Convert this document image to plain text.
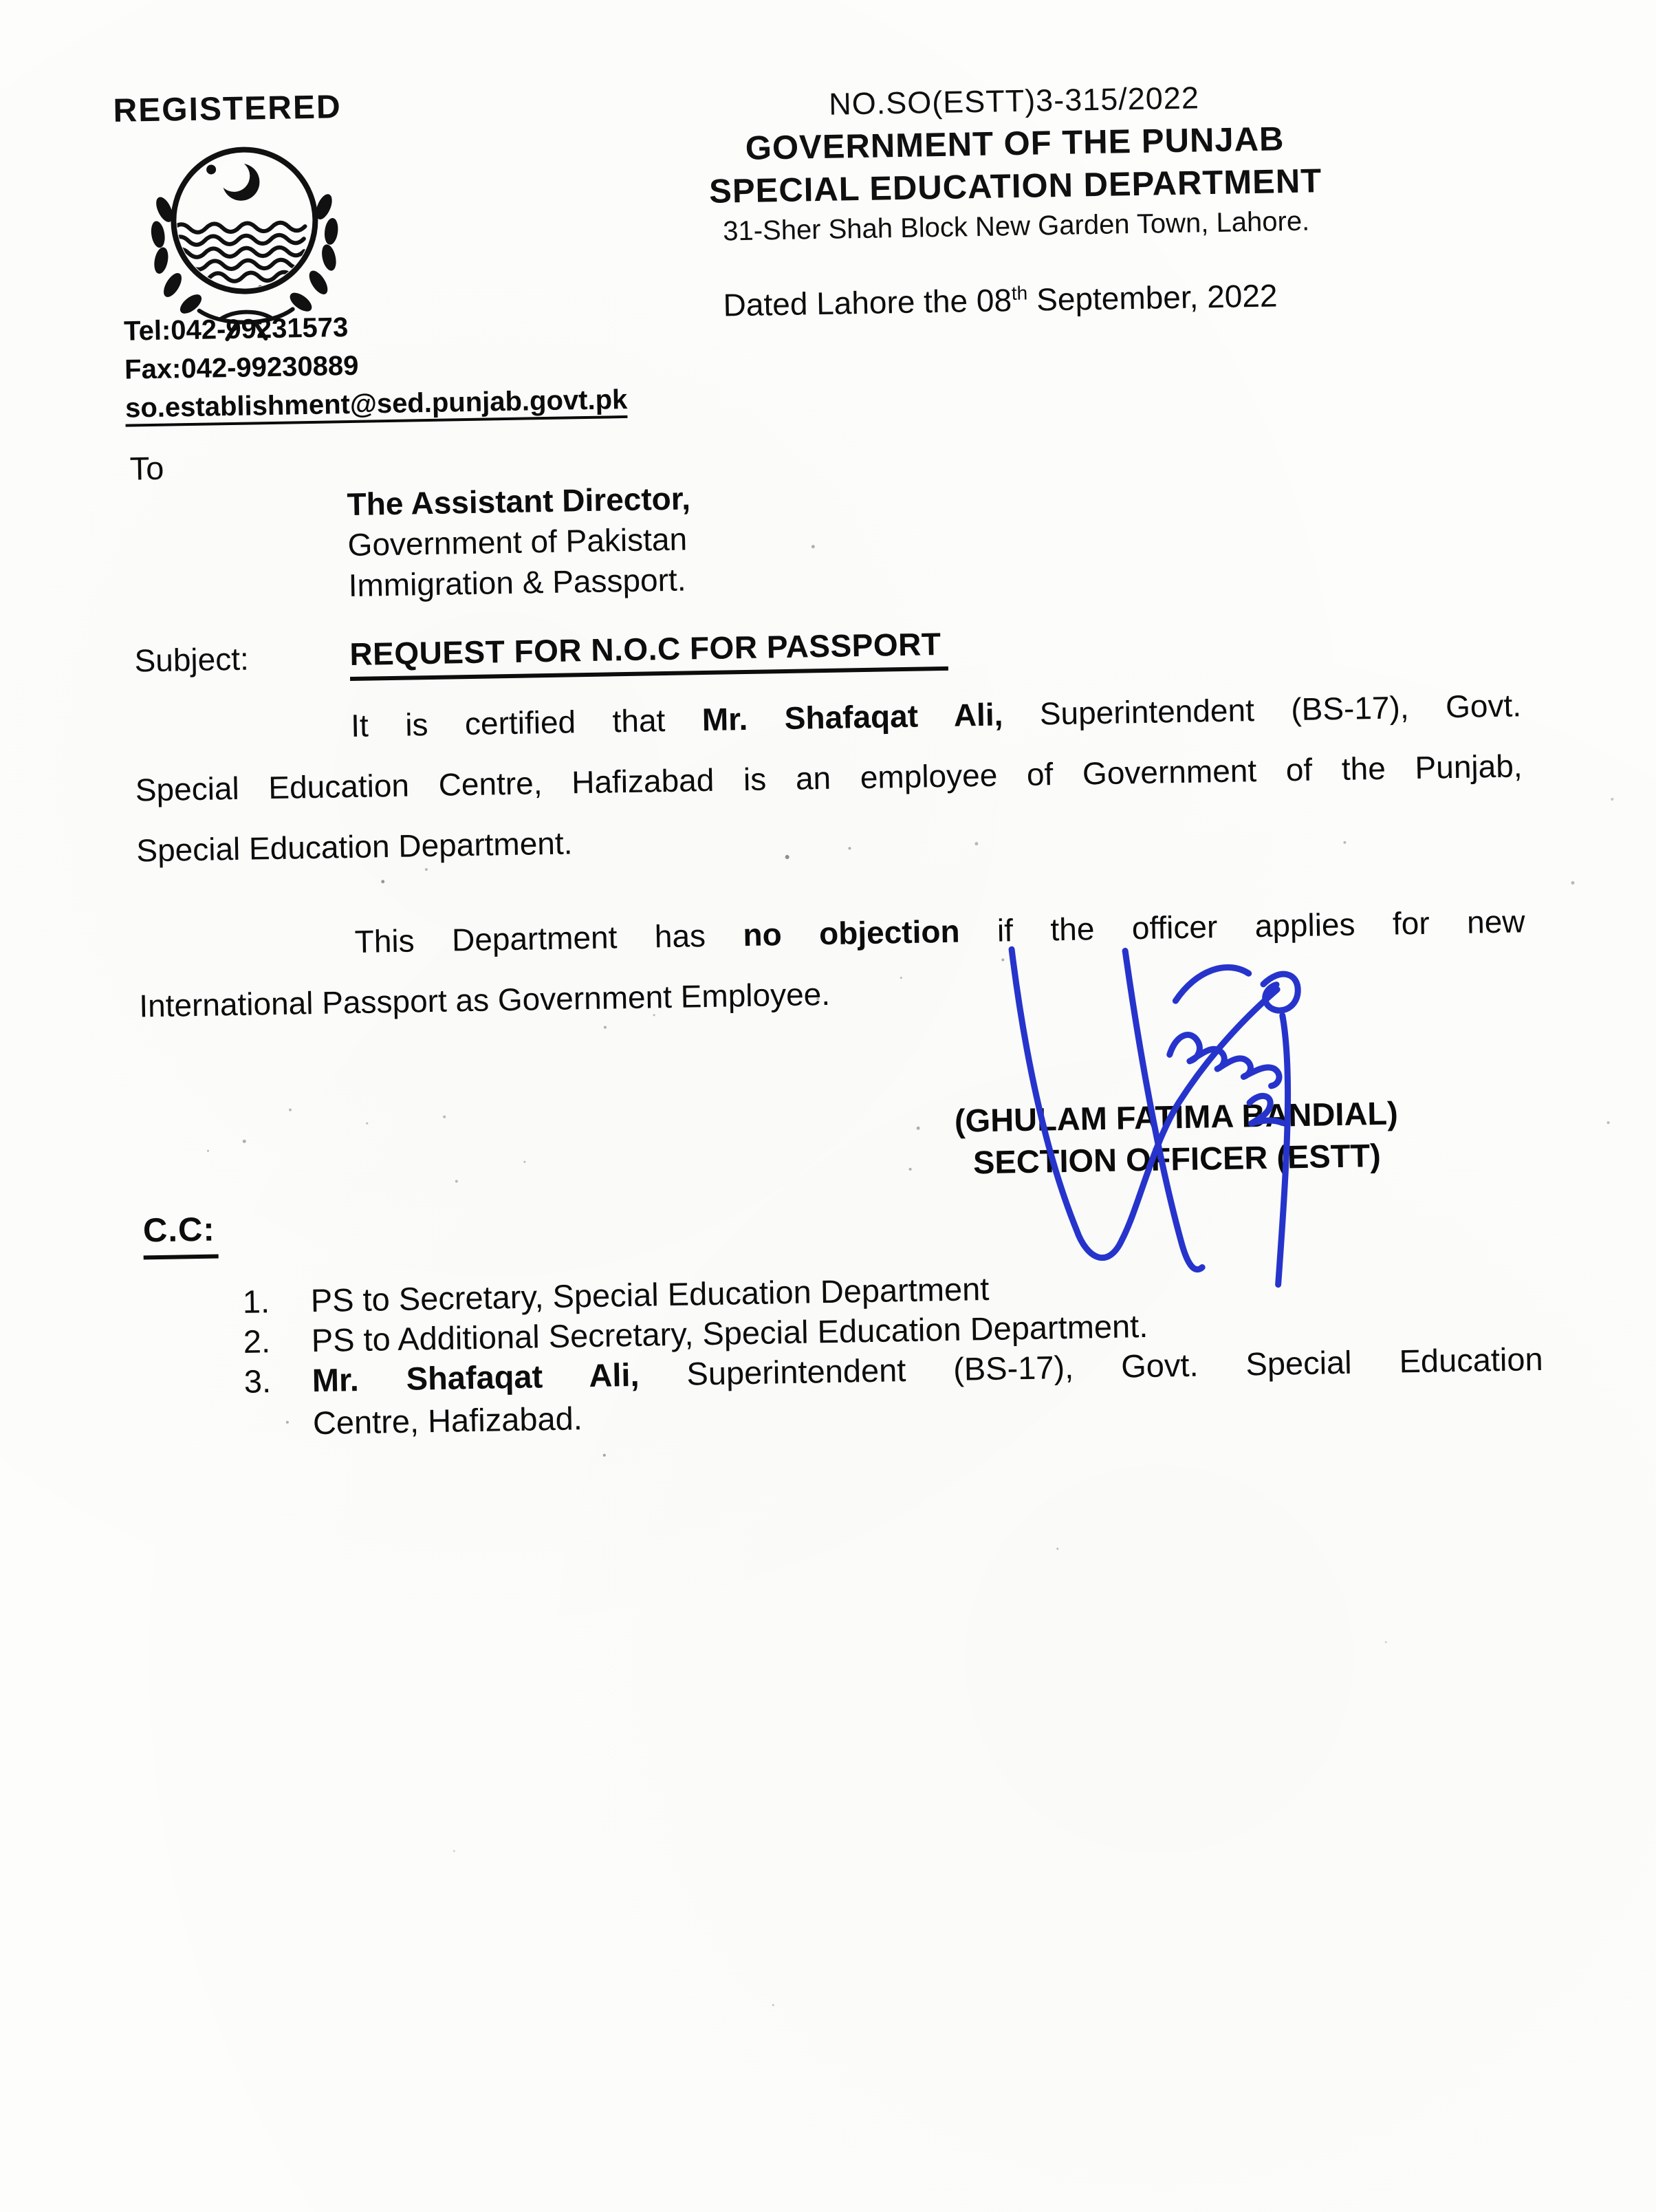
REGISTERED	NO.SO(ESTT)3-315/2022
GOVERNMENT OF THE PUNJAB
SPECIAL EDUCATION DEPARTMENT
31-Sher Shah Block New Garden Town, Lahore.
Dated Lahore the 08th September, 2022
Tel:042-99231573
Fax:042-99230889
so.establishment@sed.punjab.govt.pk
To
The Assistant Director,
Government of Pakistan
Immigration & Passport.
Subject:	REQUEST FOR N.O.C FOR PASSPORT
It is certified that Mr. Shafaqat Ali, Superintendent (BS-17), Govt.
Special Education Centre, Hafizabad is an employee of Government of the Punjab,
Special Education Department.
This Department has no objection if the officer applies for new
International Passport as Government Employee.
(GHULAM FATIMA BANDIAL)
SECTION OFFICER (ESTT)
C.C:
1. PS to Secretary, Special Education Department
2. PS to Additional Secretary, Special Education Department.
3. Mr. Shafaqat Ali, Superintendent (BS-17), Govt. Special Education
Centre, Hafizabad.
